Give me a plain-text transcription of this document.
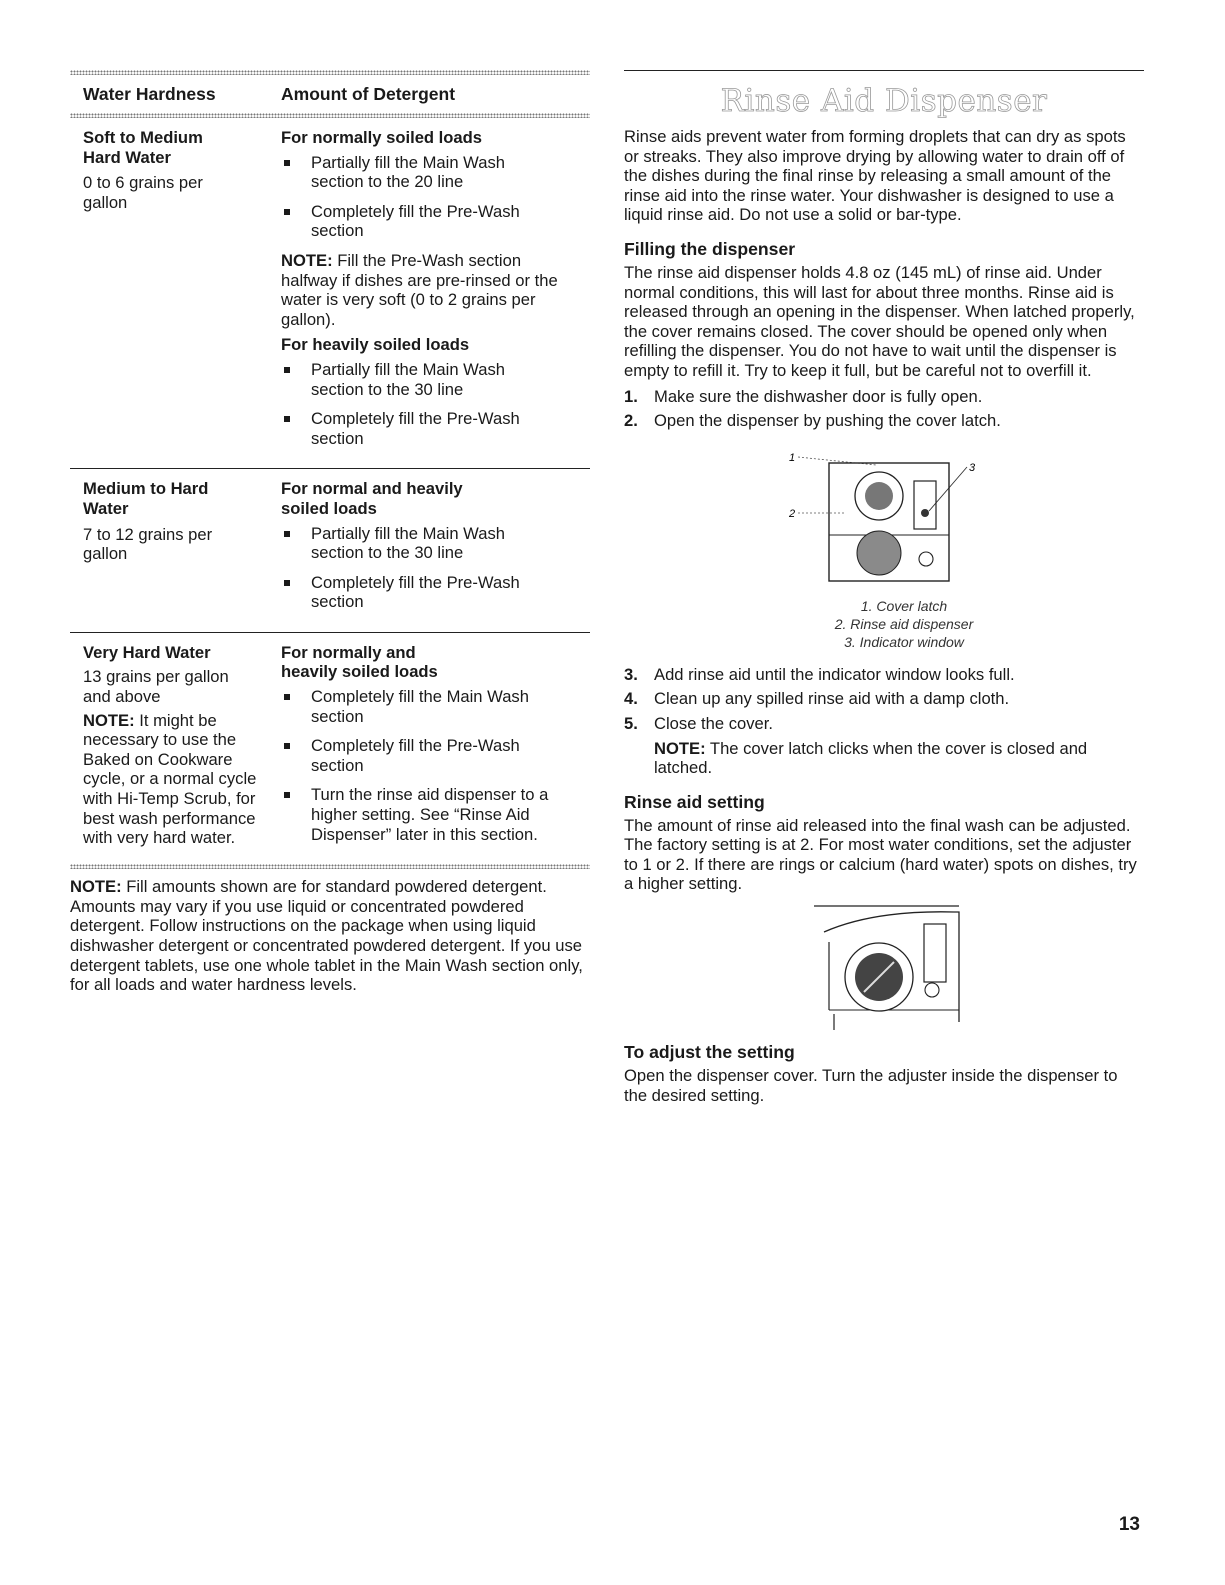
Water Hardness	Amount of Detergent
Soft to Medium Hard Water
0 to 6 grains per gallon
For normally soiled loads
Partially fill the Main Wash section to the 20 line
Completely fill the Pre-Wash section
NOTE: Fill the Pre-Wash section halfway if dishes are pre-rinsed or the water is very soft (0 to 2 grains per gallon).
For heavily soiled loads
Partially fill the Main Wash section to the 30 line
Completely fill the Pre-Wash section
Medium to Hard Water
7 to 12 grains per gallon
For normal and heavily soiled loads
Partially fill the Main Wash section to the 30 line
Completely fill the Pre-Wash section
Very Hard Water
13 grains per gallon and above
NOTE: It might be necessary to use the Baked on Cookware cycle, or a normal cycle with Hi-Temp Scrub, for best wash performance with very hard water.
For normally and heavily soiled loads
Completely fill the Main Wash section
Completely fill the Pre-Wash section
Turn the rinse aid dispenser to a higher setting. See “Rinse Aid Dispenser” later in this section.
NOTE: Fill amounts shown are for standard powdered detergent. Amounts may vary if you use liquid or concentrated powdered detergent. Follow instructions on the package when using liquid dishwasher detergent or concentrated powdered detergent. If you use detergent tablets, use one whole tablet in the Main Wash section only, for all loads and water hardness levels.
Rinse Aid Dispenser

Rinse aids prevent water from forming droplets that can dry as spots or streaks. They also improve drying by allowing water to drain off of the dishes during the final rinse by releasing a small amount of the rinse aid into the rinse water. Your dishwasher is designed to use a liquid rinse aid. Do not use a solid or bar-type.

Filling the dispenser

The rinse aid dispenser holds 4.8 oz (145 mL) of rinse aid. Under normal conditions, this will last for about three months. Rinse aid is released through an opening in the dispenser. When latched properly, the cover remains closed. The cover should be opened only when refilling the dispenser. You do not have to wait until the dispenser is empty to refill it. Try to keep it full, but be careful not to overfill it.

1. Make sure the dishwasher door is fully open.
2. Open the dispenser by pushing the cover latch.
1
2
3
1. Cover latch
2. Rinse aid dispenser
3. Indicator window
3. Add rinse aid until the indicator window looks full.
4. Clean up any spilled rinse aid with a damp cloth.
5. Close the cover.

NOTE: The cover latch clicks when the cover is closed and latched.

Rinse aid setting

The amount of rinse aid released into the final wash can be adjusted. The factory setting is at 2. For most water conditions, set the adjuster to 1 or 2. If there are rings or calcium (hard water) spots on dishes, try a higher setting.

To adjust the setting

Open the dispenser cover. Turn the adjuster inside the dispenser to the desired setting.

13
